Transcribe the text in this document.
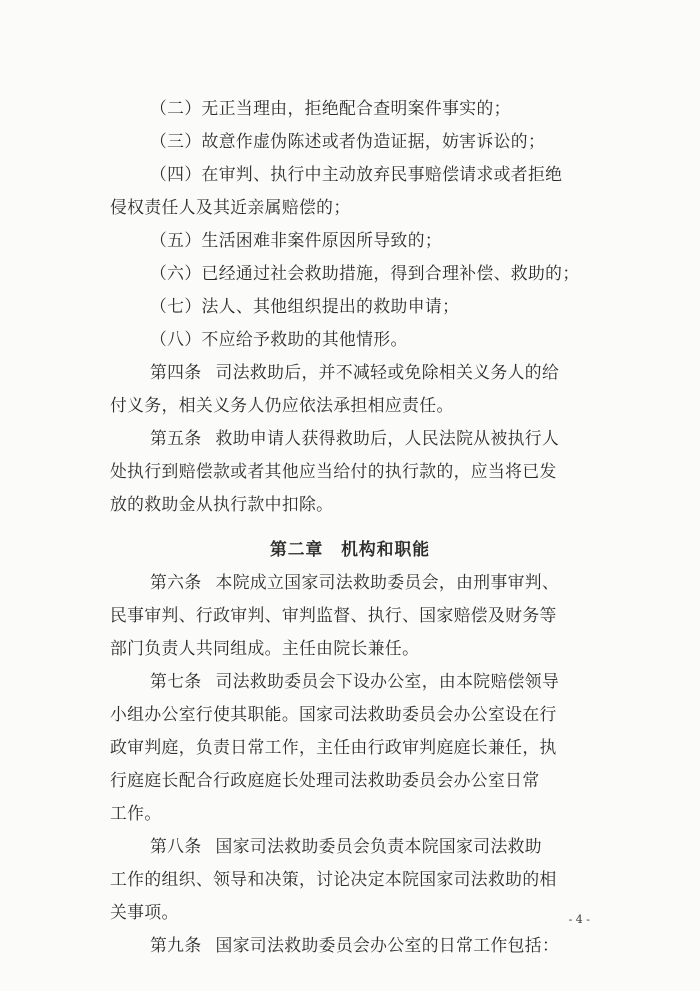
（二）无正当理由，拒绝配合查明案件事实的；
（三）故意作虚伪陈述或者伪造证据，妨害诉讼的；
（四）在审判、执行中主动放弃民事赔偿请求或者拒绝
侵权责任人及其近亲属赔偿的；
（五）生活困难非案件原因所导致的；
（六）已经通过社会救助措施，得到合理补偿、救助的；
（七）法人、其他组织提出的救助申请；
（八）不应给予救助的其他情形。
第四条 司法救助后，并不减轻或免除相关义务人的给
付义务，相关义务人仍应依法承担相应责任。
第五条 救助申请人获得救助后，人民法院从被执行人
处执行到赔偿款或者其他应当给付的执行款的，应当将已发
放的救助金从执行款中扣除。
第二章　 机构和职能
第六条 本院成立国家司法救助委员会，由刑事审判、
民事审判、行政审判、审判监督、执行、国家赔偿及财务等
部门负责人共同组成。主任由院长兼任。
第七条 司法救助委员会下设办公室，由本院赔偿领导
小组办公室行使其职能。国家司法救助委员会办公室设在行
政审判庭，负责日常工作，主任由行政审判庭庭长兼任，执
行庭庭长配合行政庭庭长处理司法救助委员会办公室日常
工作。
第八条 国家司法救助委员会负责本院国家司法救助
工作的组织、领导和决策，讨论决定本院国家司法救助的相
关事项。
第九条 国家司法救助委员会办公室的日常工作包括：
- 4 -
